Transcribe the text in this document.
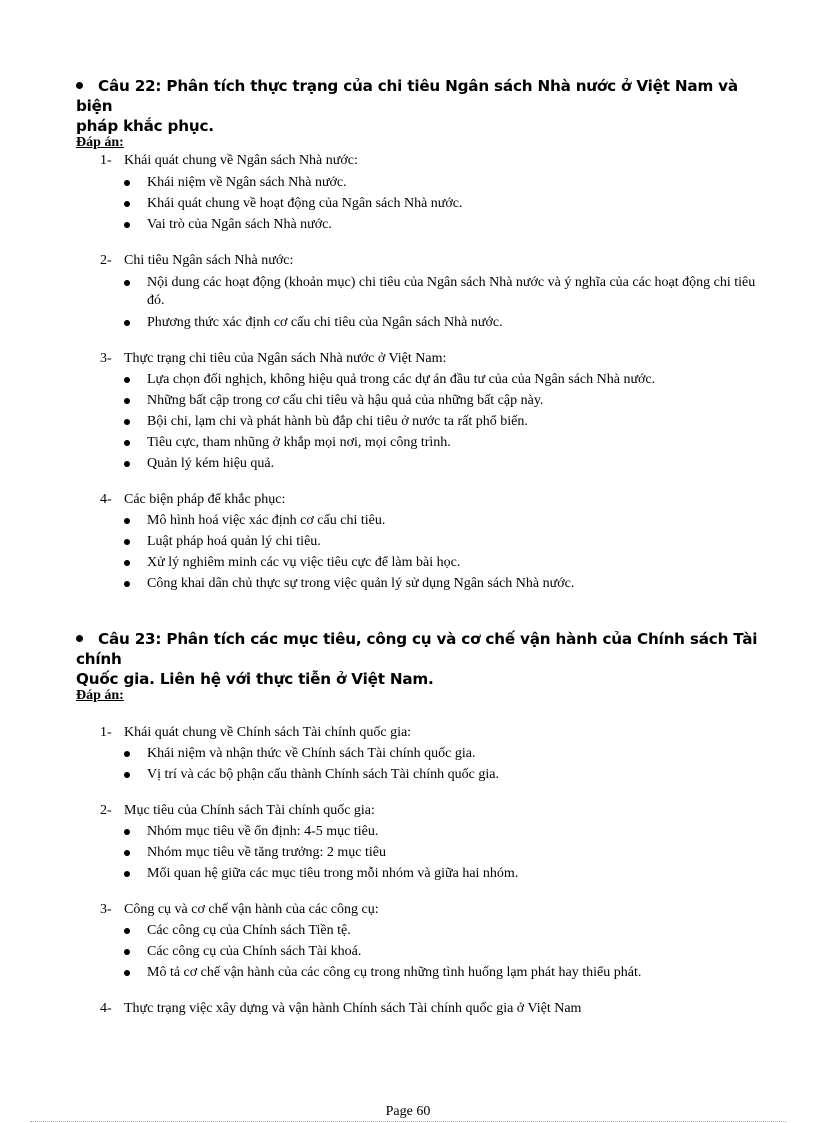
Câu 22: Phân tích thực trạng của chi tiêu Ngân sách Nhà nước ở Việt Nam và biện
pháp khắc phục.
Đáp án:
1- Khái quát chung về Ngân sách Nhà nước:
Khái niệm về Ngân sách Nhà nước.
Khái quát chung về hoạt động của Ngân sách Nhà nước.
Vai trò của Ngân sách Nhà nước.
2- Chi tiêu Ngân sách Nhà nước:
Nội dung các hoạt động (khoản mục) chi tiêu của Ngân sách Nhà nước và ý nghĩa của các hoạt động chi tiêu đó.
Phương thức xác định cơ cấu chi tiêu của Ngân sách Nhà nước.
3- Thực trạng chi tiêu của Ngân sách Nhà nước ở Việt Nam:
Lựa chọn đối nghịch, không hiệu quả trong các dự án đầu tư của của Ngân sách Nhà nước.
Những bất cập trong cơ cấu chi tiêu và hậu quả của những bất cập này.
Bội chi, lạm chi và phát hành bù đắp chi tiêu ở nước ta rất phổ biến.
Tiêu cực, tham nhũng ở khắp mọi nơi, mọi công trình.
Quản lý kém hiệu quả.
4- Các biện pháp để khắc phục:
Mô hình hoá việc xác định cơ cấu chi tiêu.
Luật pháp hoá quản lý chi tiêu.
Xử lý nghiêm minh các vụ việc tiêu cực để làm bài học.
Công khai dân chủ thực sự trong việc quản lý sử dụng Ngân sách Nhà nước.
Câu 23: Phân tích các mục tiêu, công cụ và cơ chế vận hành của Chính sách Tài chính
Quốc gia. Liên hệ với thực tiễn ở Việt Nam.
Đáp án:
1- Khái quát chung về Chính sách Tài chính quốc gia:
Khái niệm và nhận thức về Chính sách Tài chính quốc gia.
Vị trí và các bộ phận cấu thành Chính sách Tài chính quốc gia.
2- Mục tiêu của Chính sách Tài chính quốc gia:
Nhóm mục tiêu về ổn định: 4-5 mục tiêu.
Nhóm mục tiêu về tăng trưởng: 2 mục tiêu
Mối quan hệ giữa các mục tiêu trong mỗi nhóm và giữa hai nhóm.
3- Công cụ và cơ chế vận hành của các công cụ:
Các công cụ của Chính sách Tiền tệ.
Các công cụ của Chính sách Tài khoá.
Mô tả cơ chế vận hành của các công cụ trong những tình huống lạm phát hay thiểu phát.
4- Thực trạng việc xây dựng và vận hành Chính sách Tài chính quốc gia ở Việt Nam
Page 60
